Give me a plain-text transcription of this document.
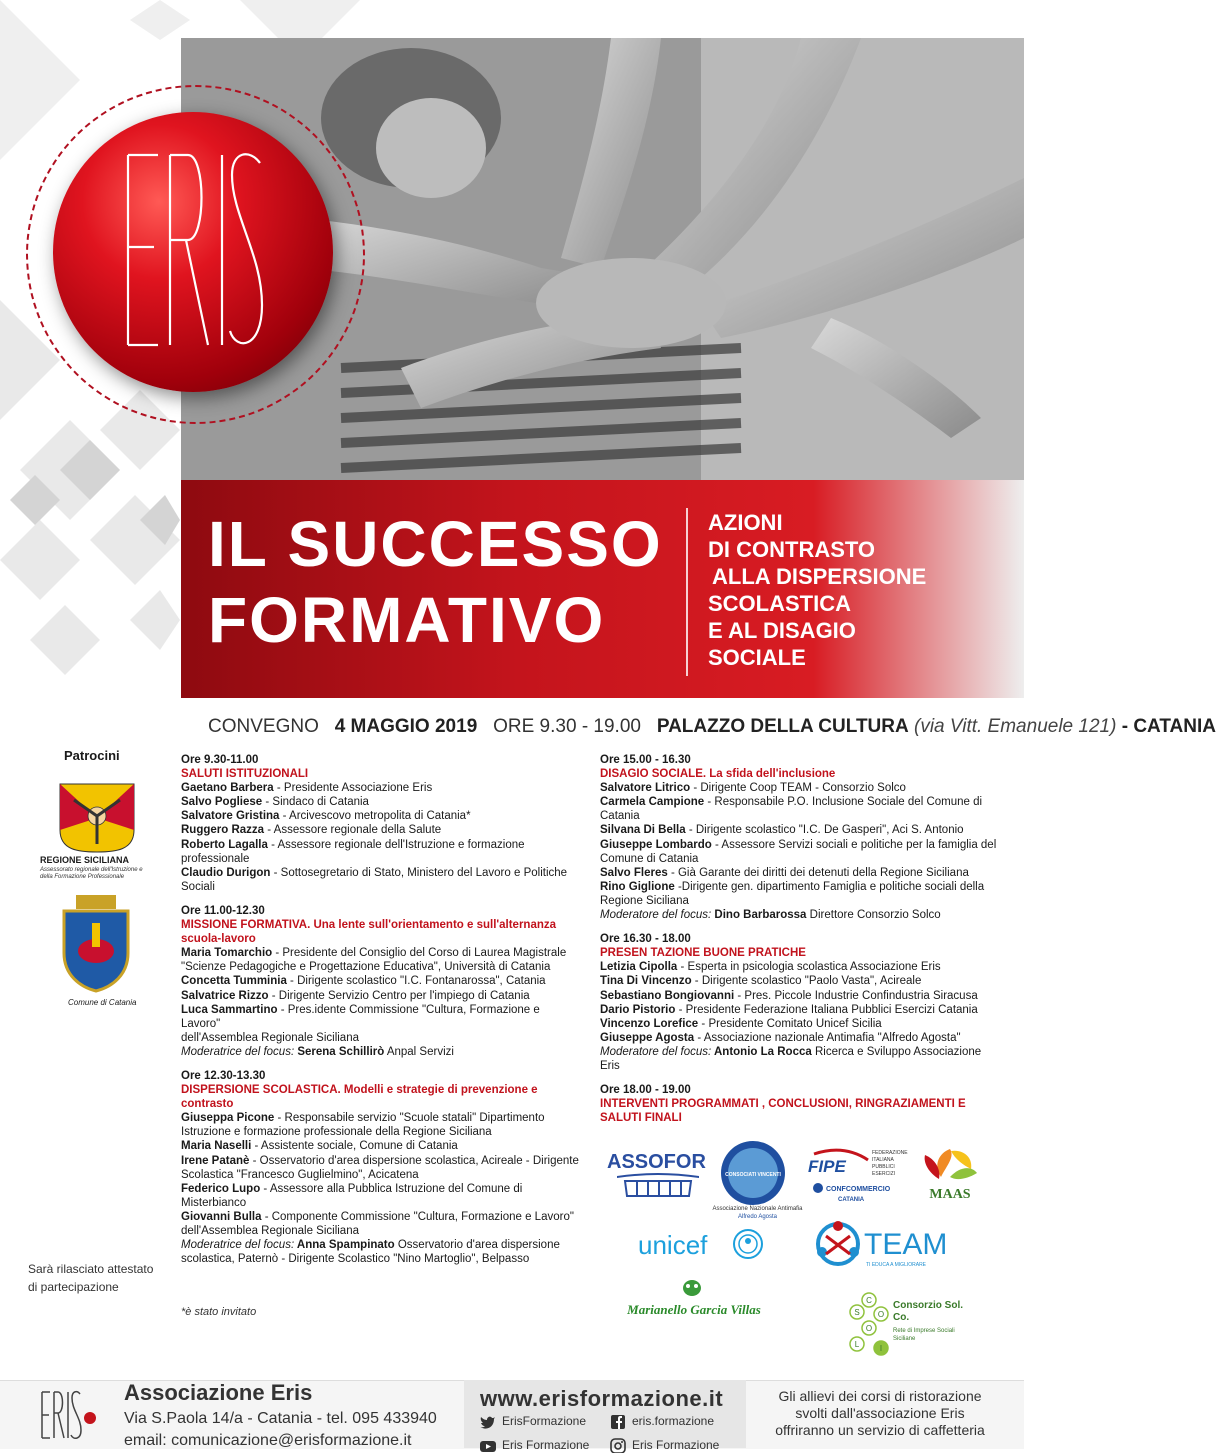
IL SUCCESSO
FORMATIVO
AZIONI
DI CONTRASTO
ALLA DISPERSIONE
SCOLASTICA
E AL DISAGIO
SOCIALE
CONVEGNO 4 MAGGIO 2019 ORE 9.30 - 19.00 PALAZZO DELLA CULTURA (via Vitt. Emanuele 121) - CATANIA
Patrocini
REGIONE SICILIANA
Assessorato regionale dell'Istruzione e della Formazione Professionale
Comune di Catania
Sarà rilasciato attestato di partecipazione
*è stato invitato
Ore 9.30-11.00
SALUTI ISTITUZIONALI
Gaetano Barbera - Presidente Associazione Eris
Salvo Pogliese - Sindaco di Catania
Salvatore Gristina - Arcivescovo metropolita di Catania*
Ruggero Razza - Assessore regionale della Salute
Roberto Lagalla - Assessore regionale dell'Istruzione e formazione professionale
Claudio Durigon - Sottosegretario di Stato, Ministero del Lavoro e Politiche Sociali
Ore 11.00-12.30
MISSIONE FORMATIVA. Una lente sull'orientamento e sull'alternanza scuola-lavoro
Maria Tomarchio - Presidente del Consiglio del Corso di Laurea Magistrale
"Scienze Pedagogiche e Progettazione Educativa", Università di Catania
Concetta Tumminia - Dirigente scolastico "I.C. Fontanarossa", Catania
Salvatrice Rizzo - Dirigente Servizio Centro per l'impiego di Catania
Luca Sammartino - Pres.idente Commissione "Cultura, Formazione e Lavoro"
dell'Assemblea Regionale Siciliana
Moderatrice del focus: Serena Schillirò Anpal Servizi
Ore 12.30-13.30
DISPERSIONE SCOLASTICA. Modelli e strategie di prevenzione e contrasto
Giuseppa Picone - Responsabile servizio "Scuole statali" Dipartimento
Istruzione e formazione professionale della Regione Siciliana
Maria Naselli - Assistente sociale, Comune di Catania
Irene Patanè - Osservatorio d'area dispersione scolastica, Acireale - Dirigente
Scolastica "Francesco Guglielmino", Acicatena
Federico Lupo - Assessore alla Pubblica Istruzione del Comune di Misterbianco
Giovanni Bulla - Componente Commissione "Cultura, Formazione e Lavoro"
dell'Assemblea Regionale Siciliana
Moderatrice del focus: Anna Spampinato Osservatorio d'area dispersione
scolastica, Paternò - Dirigente Scolastico "Nino Martoglio", Belpasso
Ore 15.00 - 16.30
DISAGIO SOCIALE. La sfida dell'inclusione
Salvatore Litrico - Dirigente Coop TEAM - Consorzio Solco
Carmela Campione - Responsabile P.O. Inclusione Sociale del Comune di Catania
Silvana Di Bella - Dirigente scolastico "I.C. De Gasperi", Aci S. Antonio
Giuseppe Lombardo - Assessore Servizi sociali e politiche per la famiglia del
Comune di Catania
Salvo Fleres - Già Garante dei diritti dei detenuti della Regione Siciliana
Rino Giglione -Dirigente gen. dipartimento Famiglia e politiche sociali della Regione Siciliana
Moderatore del focus: Dino Barbarossa Direttore Consorzio Solco
Ore 16.30 - 18.00
PRESEN TAZIONE BUONE PRATICHE
Letizia Cipolla - Esperta in psicologia scolastica Associazione Eris
Tina Di Vincenzo - Dirigente scolastico "Paolo Vasta", Acireale
Sebastiano Bongiovanni - Pres. Piccole Industrie Confindustria Siracusa
Dario Pistorio - Presidente Federazione Italiana Pubblici Esercizi Catania
Vincenzo Lorefice - Presidente Comitato Unicef Sicilia
Giuseppe Agosta - Associazione nazionale Antimafia "Alfredo Agosta"
Moderatore del focus: Antonio La Rocca Ricerca e Sviluppo Associazione Eris
Ore 18.00 - 19.00
INTERVENTI PROGRAMMATI , CONCLUSIONI, RINGRAZIAMENTI E SALUTI FINALI
ASSOFOR
CONSOCIATI VINCENTI
Associazione Nazionale Antimafia
Alfredo Agosta
FIPE
FEDERAZIONE
ITALIANA
PUBBLICI
ESERCIZI
CONFCOMMERCIO
CATANIA	MAAS
unicef	TEAM
TI EDUCA A MIGLIORARE
Marianello Garcia Villas	S
O
L
C
O
I
Consorzio Sol. Co.
Rete di Imprese Sociali Siciliane
Associazione Eris
Via S.Paola 14/a - Catania - tel. 095 433940
email: comunicazione@erisformazione.it
www.erisformazione.it
ErisFormazione	eris.formazione
Eris Formazione	Eris Formazione
Gli allievi dei corsi di ristorazione svolti dall'associazione Eris offriranno un servizio di caffetteria
